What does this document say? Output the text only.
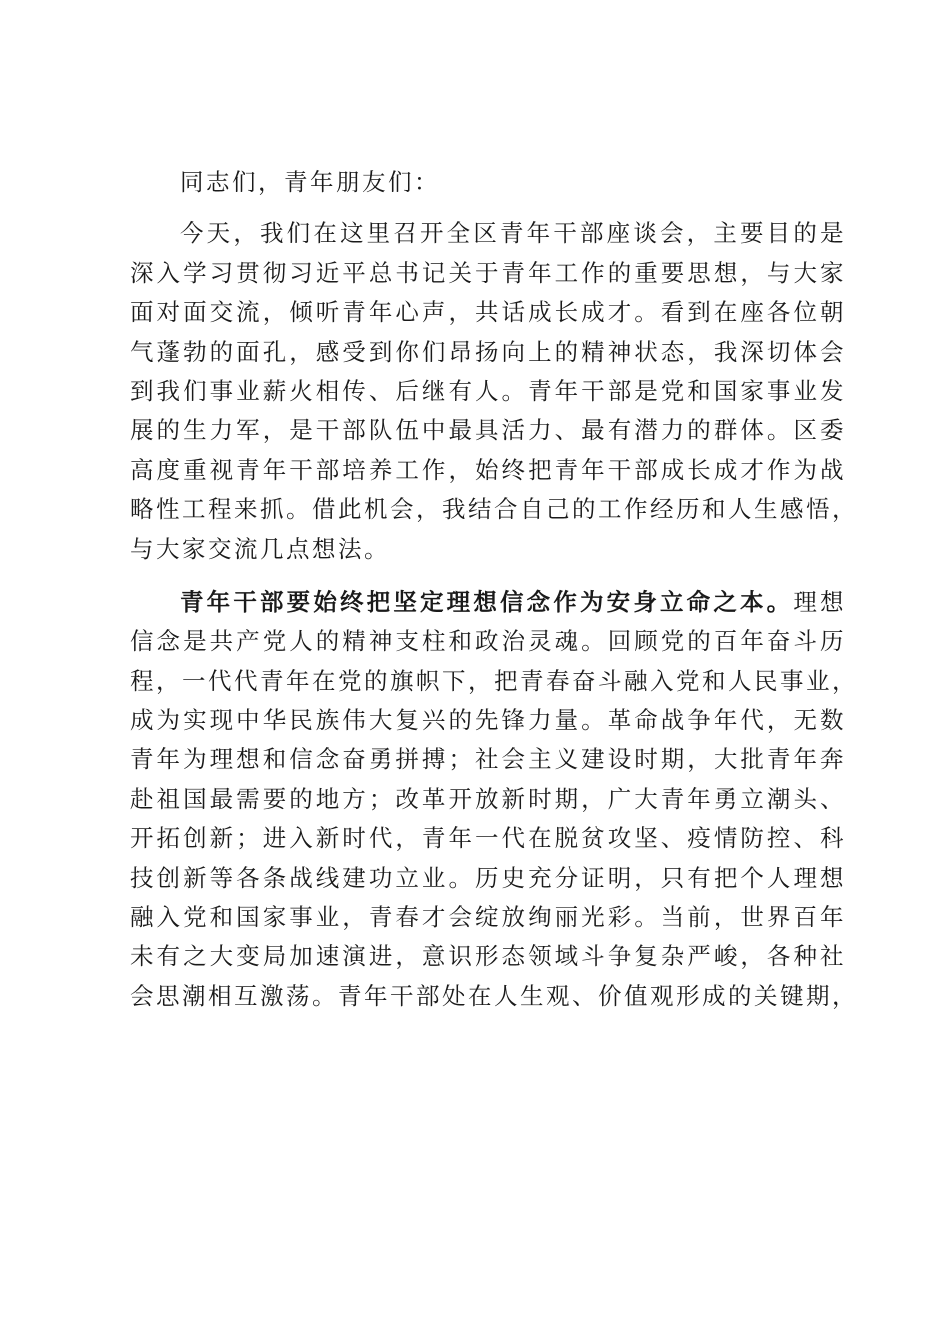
同志们，青年朋友们：
今天，我们在这里召开全区青年干部座谈会，主要目的是
深入学习贯彻习近平总书记关于青年工作的重要思想，与大家
面对面交流，倾听青年心声，共话成长成才。看到在座各位朝
气蓬勃的面孔，感受到你们昂扬向上的精神状态，我深切体会
到我们事业薪火相传、后继有人。青年干部是党和国家事业发
展的生力军，是干部队伍中最具活力、最有潜力的群体。区委
高度重视青年干部培养工作，始终把青年干部成长成才作为战
略性工程来抓。借此机会，我结合自己的工作经历和人生感悟，
与大家交流几点想法。
青年干部要始终把坚定理想信念作为安身立命之本。理想
信念是共产党人的精神支柱和政治灵魂。回顾党的百年奋斗历
程，一代代青年在党的旗帜下，把青春奋斗融入党和人民事业，
成为实现中华民族伟大复兴的先锋力量。革命战争年代，无数
青年为理想和信念奋勇拼搏；社会主义建设时期，大批青年奔
赴祖国最需要的地方；改革开放新时期，广大青年勇立潮头、
开拓创新；进入新时代，青年一代在脱贫攻坚、疫情防控、科
技创新等各条战线建功立业。历史充分证明，只有把个人理想
融入党和国家事业，青春才会绽放绚丽光彩。当前，世界百年
未有之大变局加速演进，意识形态领域斗争复杂严峻，各种社
会思潮相互激荡。青年干部处在人生观、价值观形成的关键期，
